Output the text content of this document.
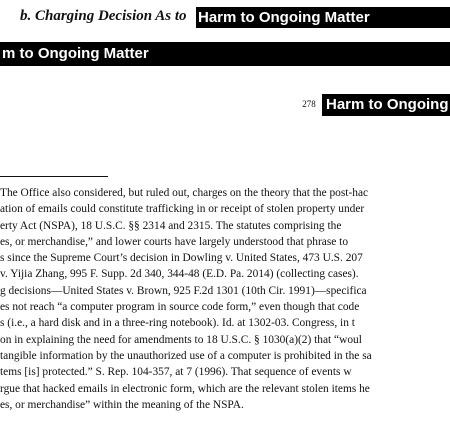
b. Charging Decision As to Harm to Ongoing Matter
m to Ongoing Matter
278 Harm to Ongoing
The Office also considered, but ruled out, charges on the theory that the post-hac
ation of emails could constitute trafficking in or receipt of stolen property under
erty Act (NSPA), 18 U.S.C. §§ 2314 and 2315. The statutes comprising the
es, or merchandise,” and lower courts have largely understood that phrase to
s since the Supreme Court’s decision in Dowling v. United States, 473 U.S. 207
v. Yijia Zhang, 995 F. Supp. 2d 340, 344-48 (E.D. Pa. 2014) (collecting cases).
g decisions—United States v. Brown, 925 F.2d 1301 (10th Cir. 1991)—specifica
es not reach “a computer program in source code form,” even though that code
s (i.e., a hard disk and in a three-ring notebook). Id. at 1302-03. Congress, in t
on in explaining the need for amendments to 18 U.S.C. § 1030(a)(2) that “woul
tangible information by the unauthorized use of a computer is prohibited in the sa
tems [is] protected.” S. Rep. 104-357, at 7 (1996). That sequence of events w
rgue that hacked emails in electronic form, which are the relevant stolen items he
es, or merchandise” within the meaning of the NSPA.
